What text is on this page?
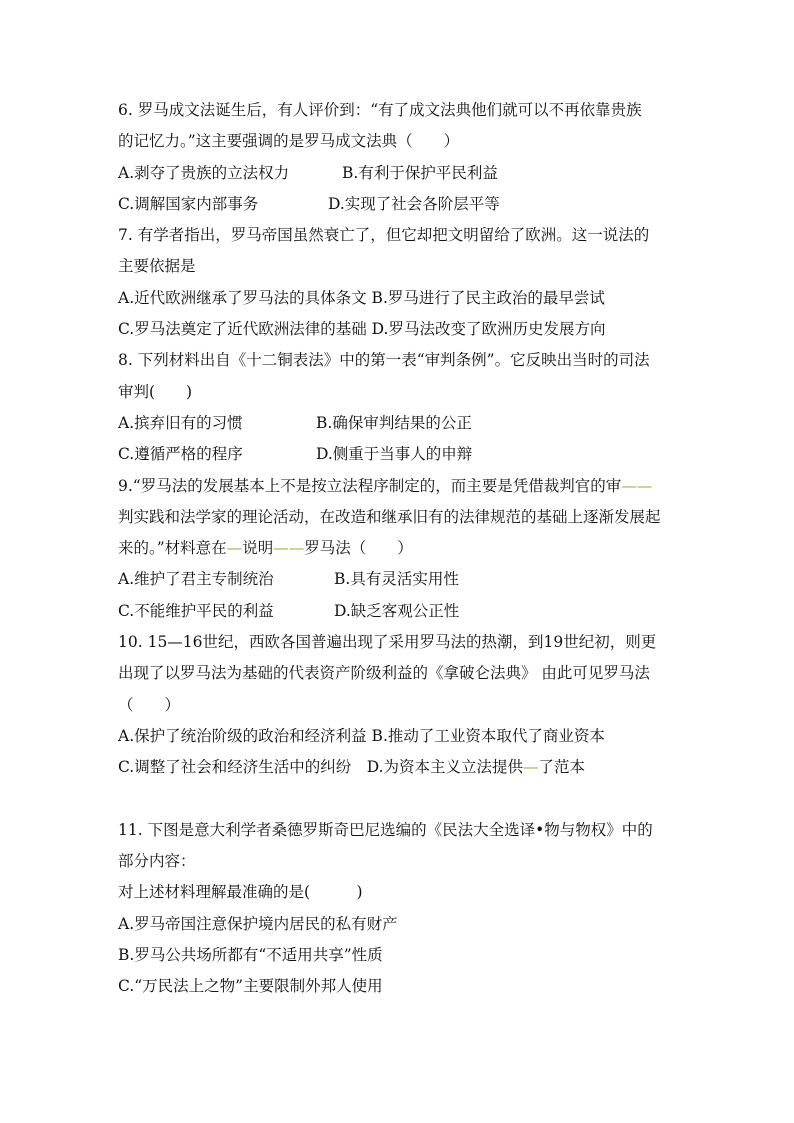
6. 罗马成文法诞生后，有人评价到：“有了成文法典他们就可以不再依靠贵族
的记忆力。”这主要强调的是罗马成文法典（　　）
A.剥夺了贵族的立法权力	B.有利于保护平民利益
C.调解国家内部事务	D.实现了社会各阶层平等
7. 有学者指出，罗马帝国虽然衰亡了，但它却把文明留给了欧洲。这一说法的
主要依据是
A.近代欧洲继承了罗马法的具体条文 B.罗马进行了民主政治的最早尝试
C.罗马法奠定了近代欧洲法律的基础 D.罗马法改变了欧洲历史发展方向
8. 下列材料出自《十二铜表法》中的第一表“审判条例”。它反映出当时的司法
审判(　　)
A.摈弃旧有的习惯	B.确保审判结果的公正
C.遵循严格的程序	D.侧重于当事人的申辩
9.“罗马法的发展基本上不是按立法程序制定的，而主要是凭借裁判官的审——
判实践和法学家的理论活动，在改造和继承旧有的法律规范的基础上逐渐发展起
来的。”材料意在—说明——罗马法（　　）
A.维护了君主专制统治	B.具有灵活实用性
C.不能维护平民的利益	D.缺乏客观公正性
10. 15—16世纪，西欧各国普遍出现了采用罗马法的热潮，到19世纪初，则更
出现了以罗马法为基础的代表资产阶级利益的《拿破仑法典》 由此可见罗马法
（　　）
A.保护了统治阶级的政治和经济利益 B.推动了工业资本取代了商业资本
C.调整了社会和经济生活中的纠纷　D.为资本主义立法提供—了范本
11. 下图是意大利学者桑德罗斯奇巴尼选编的《民法大全选译•物与物权》中的
部分内容：
对上述材料理解最准确的是(　　　)
A.罗马帝国注意保护境内居民的私有财产
B.罗马公共场所都有“不适用共享”性质
C.“万民法上之物”主要限制外邦人使用
